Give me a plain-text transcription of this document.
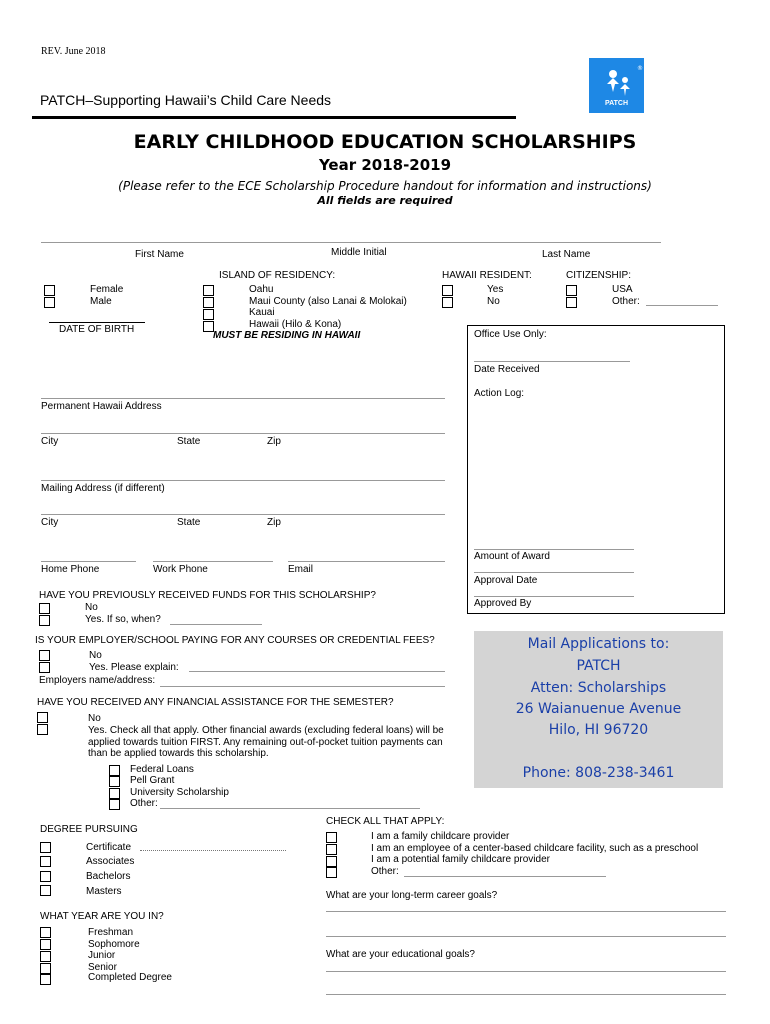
REV. June 2018
PATCH–Supporting Hawaii’s Child Care Needs
®
PATCH
EARLY CHILDHOOD EDUCATION SCHOLARSHIPS
Year 2018-2019
(Please refer to the ECE Scholarship Procedure handout for information and instructions)
All fields are required
First Name	Middle Initial	Last Name
Female
Male
DATE OF BIRTH
ISLAND OF RESIDENCY:
Oahu
Maui County (also Lanai & Molokai)
Kauai
Hawaii (Hilo & Kona)
MUST BE RESIDING IN HAWAII
HAWAII RESIDENT:
Yes
No
CITIZENSHIP:
USA
Other:
Office Use Only:
Date Received
Action Log:
Amount of Award
Approval Date
Approved By
Permanent Hawaii Address
City	State	Zip
Mailing Address (if different)
City	State	Zip
Home Phone	Work Phone	Email
HAVE YOU PREVIOUSLY RECEIVED FUNDS FOR THIS SCHOLARSHIP?
No
Yes. If so, when?
IS YOUR EMPLOYER/SCHOOL PAYING FOR ANY COURSES OR CREDENTIAL FEES?
No
Yes. Please explain:
Employers name/address:
HAVE YOU RECEIVED ANY FINANCIAL ASSISTANCE FOR THE SEMESTER?
No
Yes. Check all that apply. Other financial awards (excluding federal loans) will be
applied towards tuition FIRST. Any remaining out-of-pocket tuition payments can
than be applied towards this scholarship.
Federal Loans
Pell Grant
University Scholarship
Other:
Mail Applications to:
PATCH
Atten: Scholarships
26 Waianuenue Avenue
Hilo, HI 96720
Phone: 808-238-3461
DEGREE PURSUING
Certificate
Associates
Bachelors
Masters
WHAT YEAR ARE YOU IN?
Freshman
Sophomore
Junior
Senior
Completed Degree
CHECK ALL THAT APPLY:
I am a family childcare provider
I am an employee of a center-based childcare facility, such as a preschool
I am a potential family childcare provider
Other:
What are your long-term career goals?
What are your educational goals?
